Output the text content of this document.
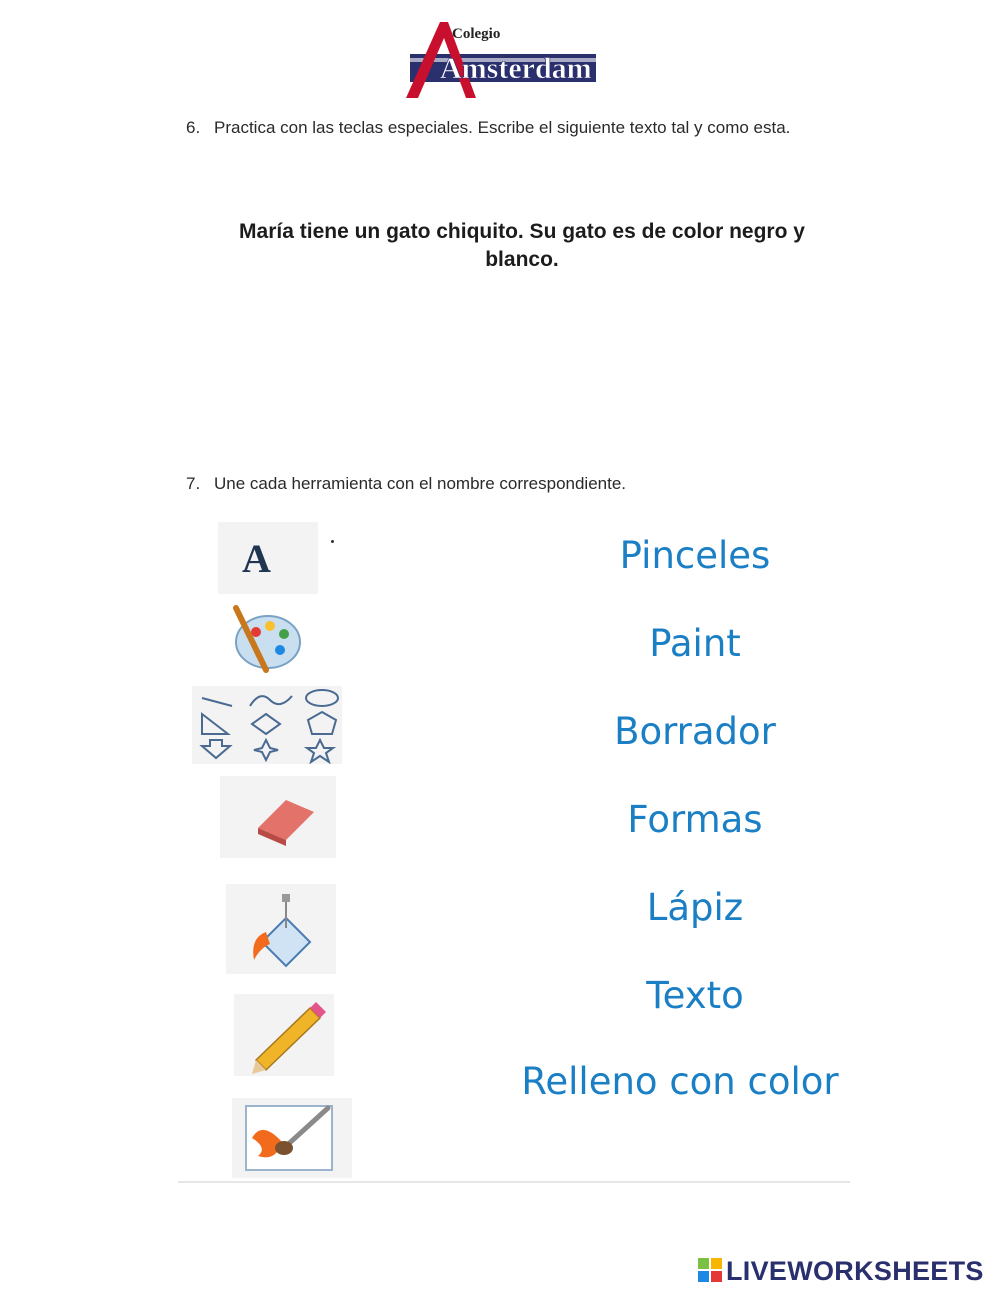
Colegio
Amsterdam
6. Practica con las teclas especiales. Escribe el siguiente texto tal y como esta.
María tiene un gato chiquito. Su gato es de color negro y blanco.
7. Une cada herramienta con el nombre correspondiente.
A	Pinceles
Paint
Borrador
Formas
Lápiz
Texto
Relleno con color
LIVEWORKSHEETS
